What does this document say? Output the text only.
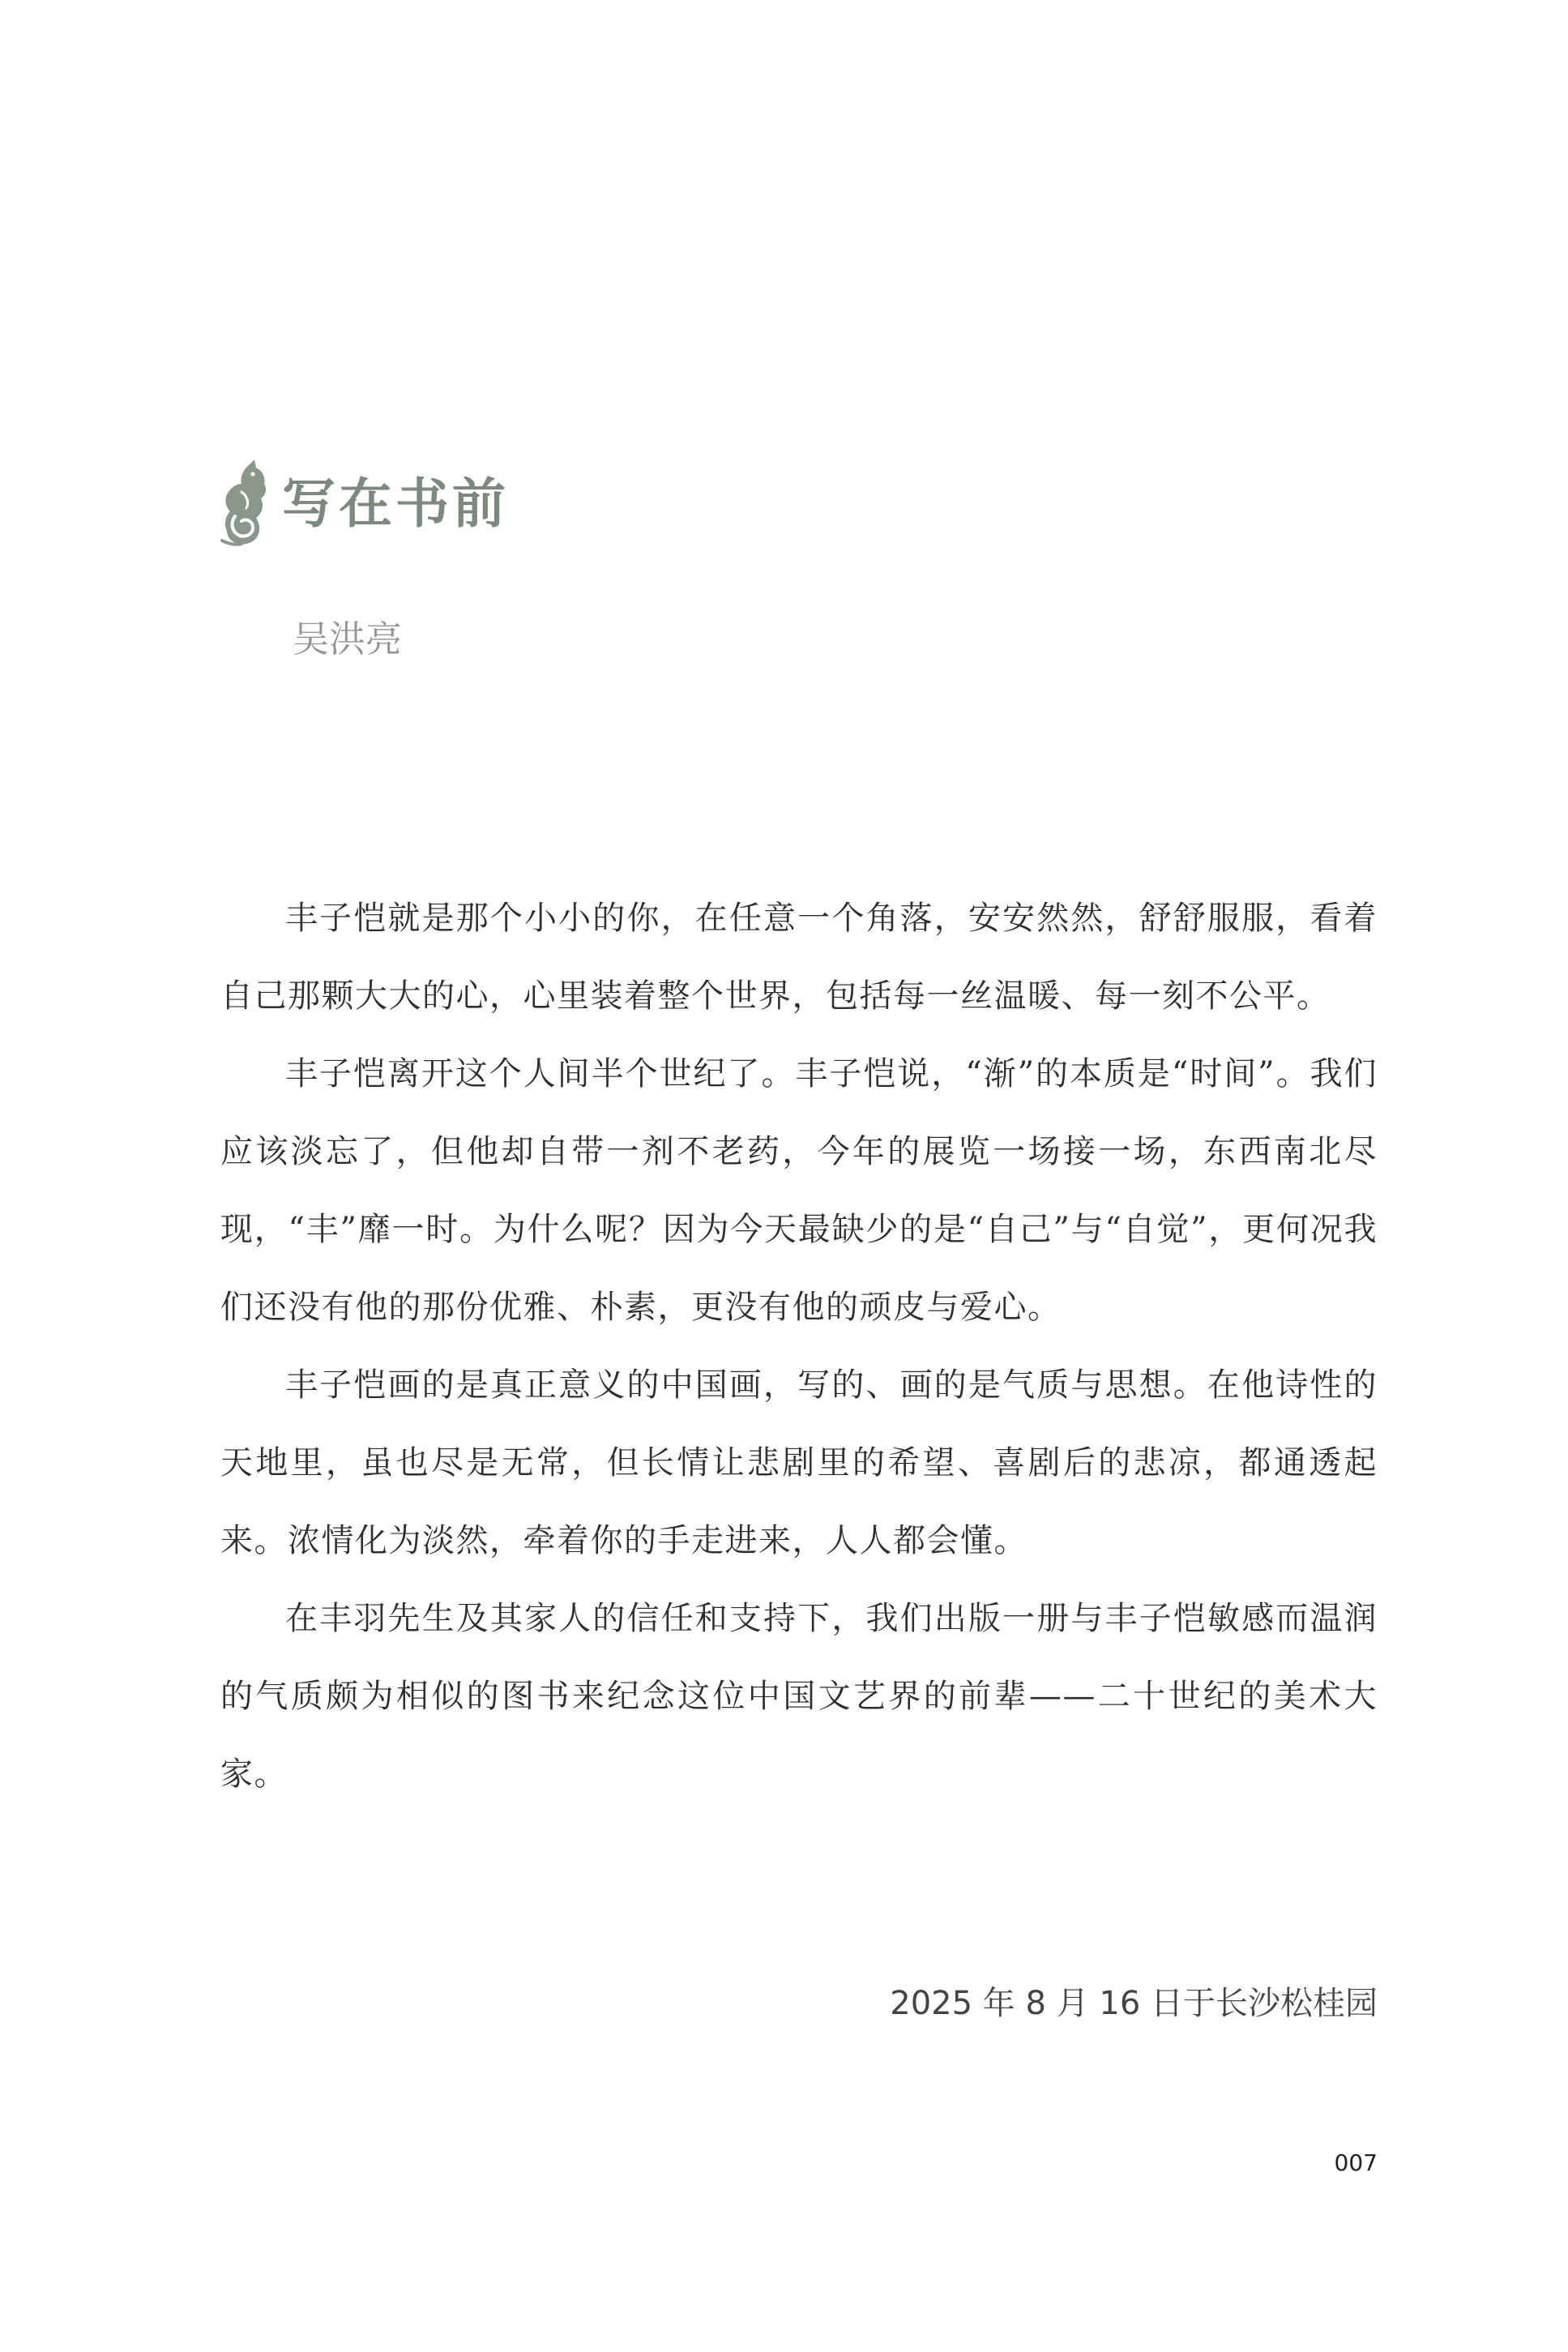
写在书前
吴洪亮

丰子恺就是那个小小的你，在任意一个角落，安安然然，舒舒服服，看着自己那颗大大的心，心里装着整个世界，包括每一丝温暖、每一刻不公平。

丰子恺离开这个人间半个世纪了。丰子恺说，“渐”的本质是“时间”。我们应该淡忘了，但他却自带一剂不老药，今年的展览一场接一场，东西南北尽现，“丰”靡一时。为什么呢？因为今天最缺少的是“自己”与“自觉”，更何况我们还没有他的那份优雅、朴素，更没有他的顽皮与爱心。

丰子恺画的是真正意义的中国画，写的、画的是气质与思想。在他诗性的天地里，虽也尽是无常，但长情让悲剧里的希望、喜剧后的悲凉，都通透起来。浓情化为淡然，牵着你的手走进来，人人都会懂。

在丰羽先生及其家人的信任和支持下，我们出版一册与丰子恺敏感而温润的气质颇为相似的图书来纪念这位中国文艺界的前辈——二十世纪的美术大家。

2025 年 8 月 16 日于长沙松桂园
007
